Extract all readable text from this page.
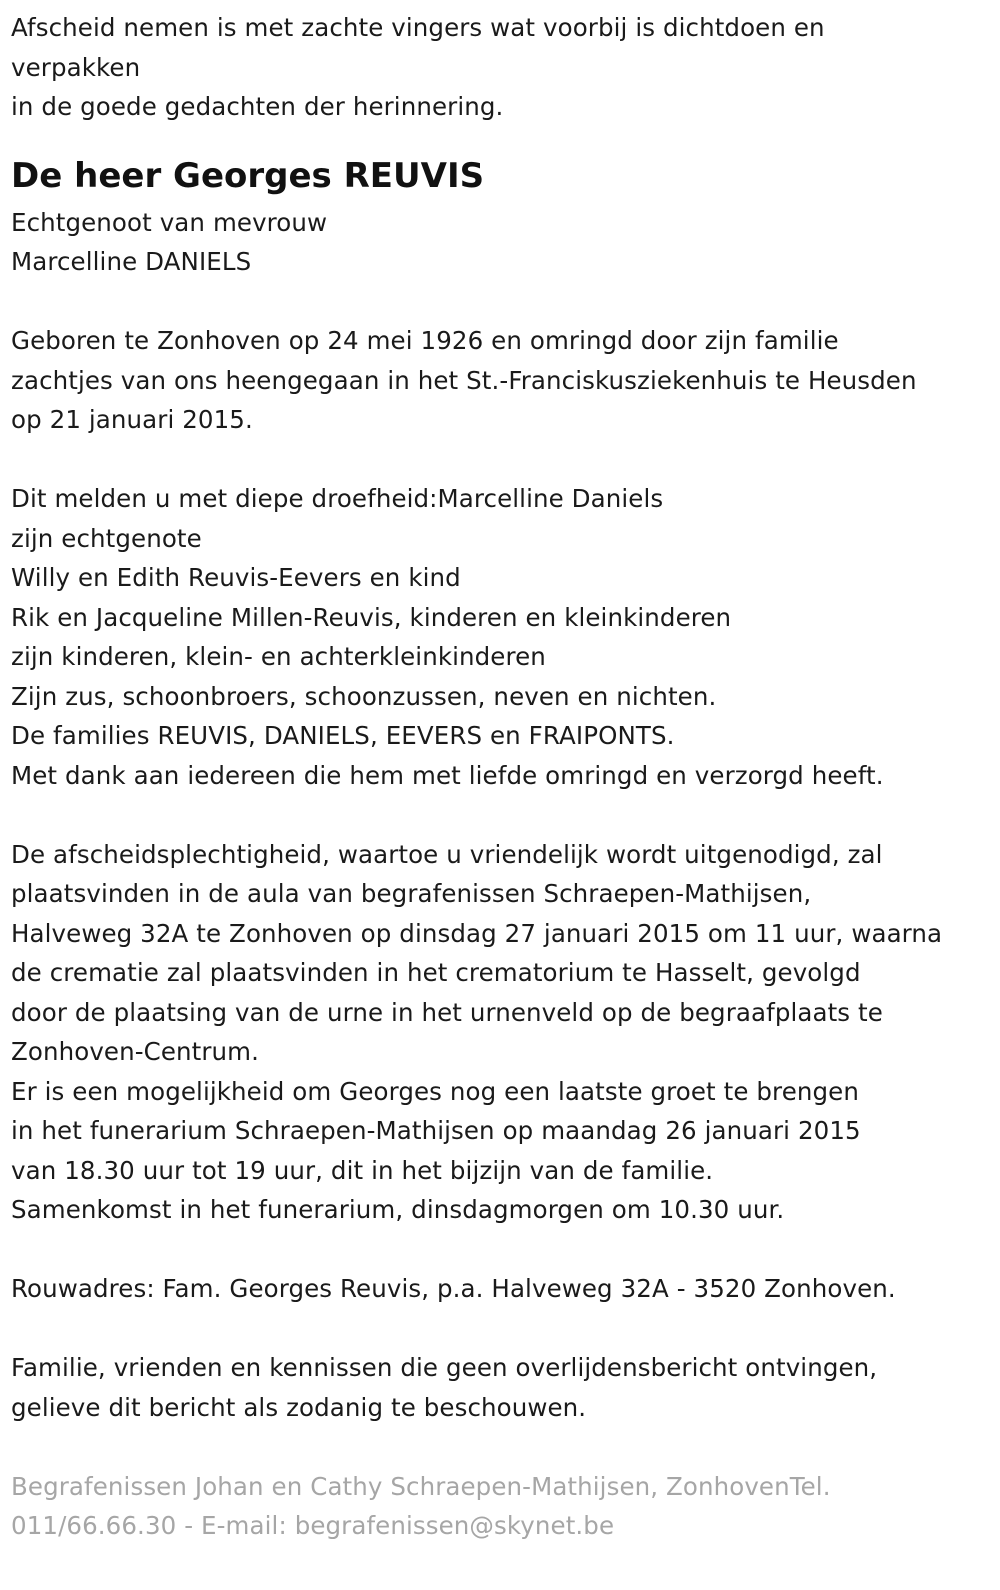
Afscheid nemen is met zachte vingers wat voorbij is dichtdoen en
verpakken
in de goede gedachten der herinnering.
De heer Georges REUVIS
Echtgenoot van mevrouw
Marcelline DANIELS
Geboren te Zonhoven op 24 mei 1926 en omringd door zijn familie
zachtjes van ons heengegaan in het St.-Franciskusziekenhuis te Heusden
op 21 januari 2015.
Dit melden u met diepe droefheid:Marcelline Daniels
zijn echtgenote
Willy en Edith Reuvis-Eevers en kind
Rik en Jacqueline Millen-Reuvis, kinderen en kleinkinderen
zijn kinderen, klein- en achterkleinkinderen
Zijn zus, schoonbroers, schoonzussen, neven en nichten.
De families REUVIS, DANIELS, EEVERS en FRAIPONTS.
Met dank aan iedereen die hem met liefde omringd en verzorgd heeft.
De afscheidsplechtigheid, waartoe u vriendelijk wordt uitgenodigd, zal
plaatsvinden in de aula van begrafenissen Schraepen-Mathijsen,
Halveweg 32A te Zonhoven op dinsdag 27 januari 2015 om 11 uur, waarna
de crematie zal plaatsvinden in het crematorium te Hasselt, gevolgd
door de plaatsing van de urne in het urnenveld op de begraafplaats te
Zonhoven-Centrum.
Er is een mogelijkheid om Georges nog een laatste groet te brengen
in het funerarium Schraepen-Mathijsen op maandag 26 januari 2015
van 18.30 uur tot 19 uur, dit in het bijzijn van de familie.
Samenkomst in het funerarium, dinsdagmorgen om 10.30 uur.
Rouwadres: Fam. Georges Reuvis, p.a. Halveweg 32A - 3520 Zonhoven.
Familie, vrienden en kennissen die geen overlijdensbericht ontvingen,
gelieve dit bericht als zodanig te beschouwen.
Begrafenissen Johan en Cathy Schraepen-Mathijsen, ZonhovenTel.
011/66.66.30 - E-mail: begrafenissen@skynet.be
